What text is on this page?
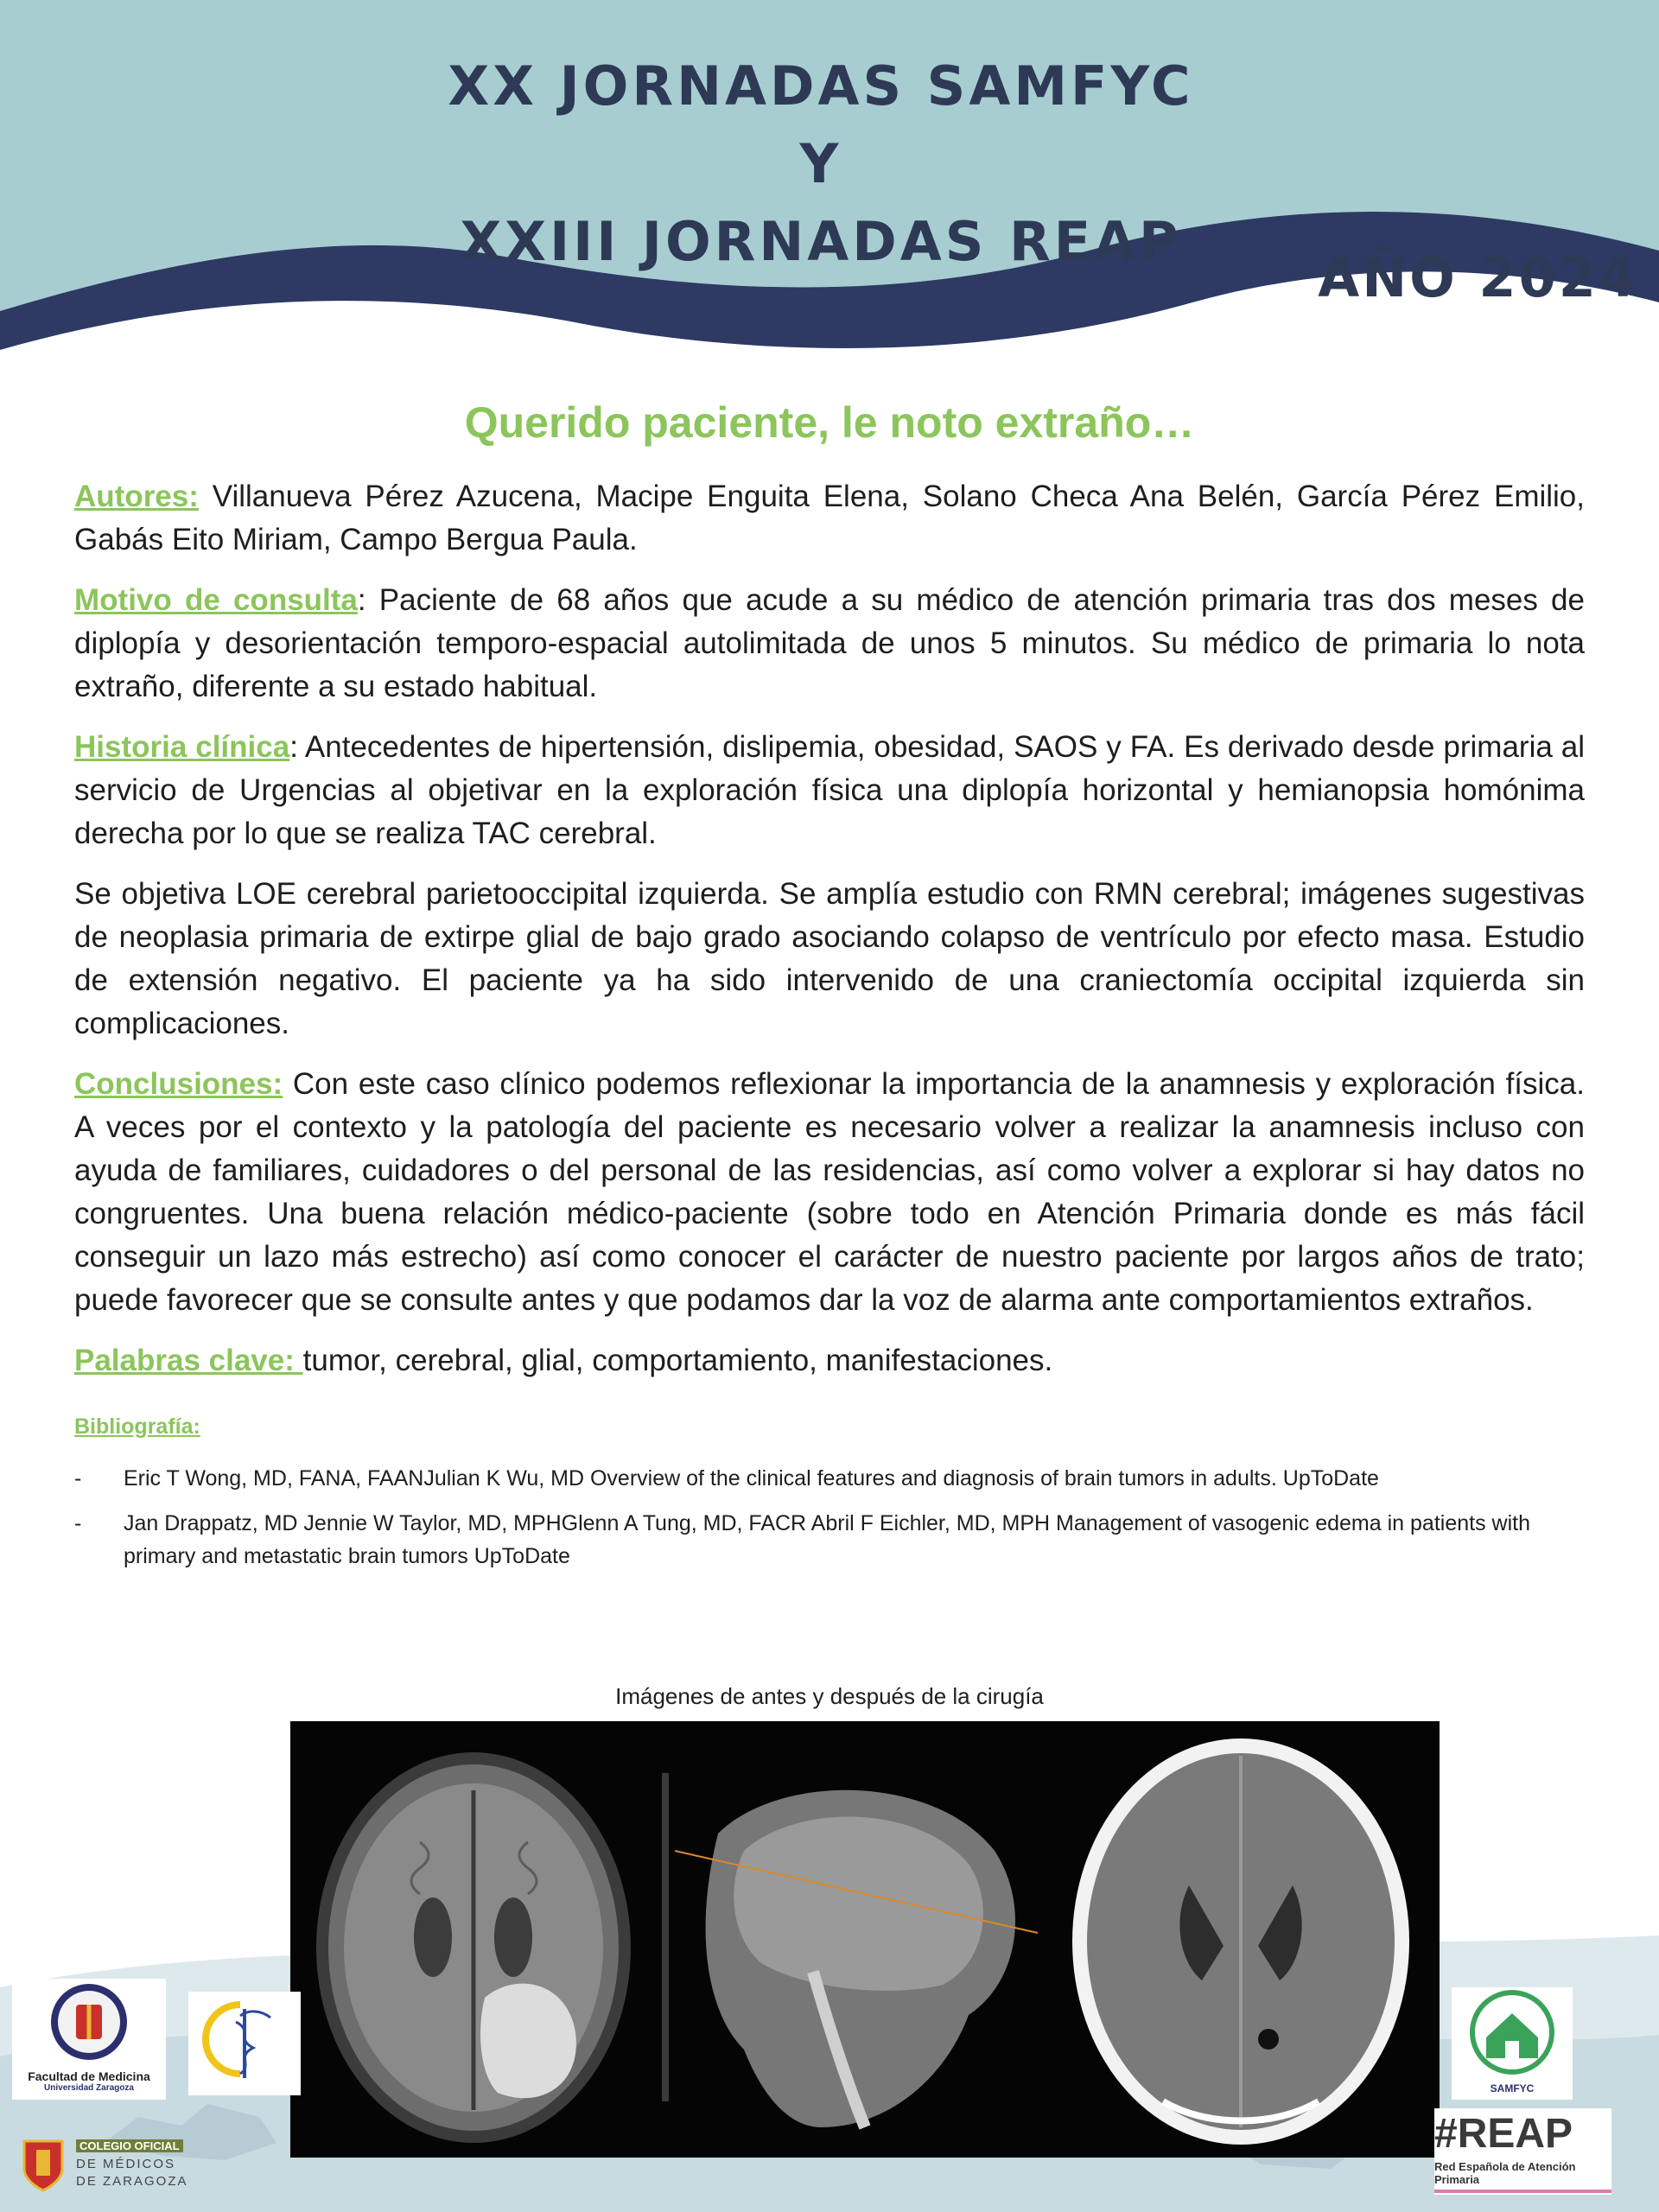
XX JORNADAS SAMFYC
Y
XXIII JORNADAS REAP
AÑO 2024
Querido paciente, le noto extraño…

Autores: Villanueva Pérez Azucena, Macipe Enguita Elena, Solano Checa Ana Belén, García Pérez Emilio, Gabás Eito Miriam, Campo Bergua Paula.

Motivo de consulta: Paciente de 68 años que acude a su médico de atención primaria tras dos meses de diplopía y desorientación temporo-espacial autolimitada de unos 5 minutos. Su médico de primaria lo nota extraño, diferente a su estado habitual.

Historia clínica: Antecedentes de hipertensión, dislipemia, obesidad, SAOS y FA. Es derivado desde primaria al servicio de Urgencias al objetivar en la exploración física una diplopía horizontal y hemianopsia homónima derecha por lo que se realiza TAC cerebral.

Se objetiva LOE cerebral parietooccipital izquierda. Se amplía estudio con RMN cerebral; imágenes sugestivas de neoplasia primaria de extirpe glial de bajo grado asociando colapso de ventrículo por efecto masa. Estudio de extensión negativo. El paciente ya ha sido intervenido de una craniectomía occipital izquierda sin complicaciones.

Conclusiones: Con este caso clínico podemos reflexionar la importancia de la anamnesis y exploración física. A veces por el contexto y la patología del paciente es necesario volver a realizar la anamnesis incluso con ayuda de familiares, cuidadores o del personal de las residencias, así como volver a explorar si hay datos no congruentes. Una buena relación médico-paciente (sobre todo en Atención Primaria donde es más fácil conseguir un lazo más estrecho) así como conocer el carácter de nuestro paciente por largos años de trato; puede favorecer que se consulte antes y que podamos dar la voz de alarma ante comportamientos extraños.

Palabras clave: tumor, cerebral, glial, comportamiento, manifestaciones.

Bibliografía:
- Eric T Wong, MD, FANA, FAANJulian K Wu, MD Overview of the clinical features and diagnosis of brain tumors in adults. UpToDate
- Jan Drappatz, MD Jennie W Taylor, MD, MPHGlenn A Tung, MD, FACR Abril F Eichler, MD, MPH Management of vasogenic edema in patients with primary and metastatic brain tumors UpToDate
Imágenes de antes y después de la cirugía
Facultad de Medicina
Universidad Zaragoza
COLEGIO OFICIAL
DE MÉDICOS
DE ZARAGOZA
SAMFYC
#REAP
Red Española de Atención Primaria
